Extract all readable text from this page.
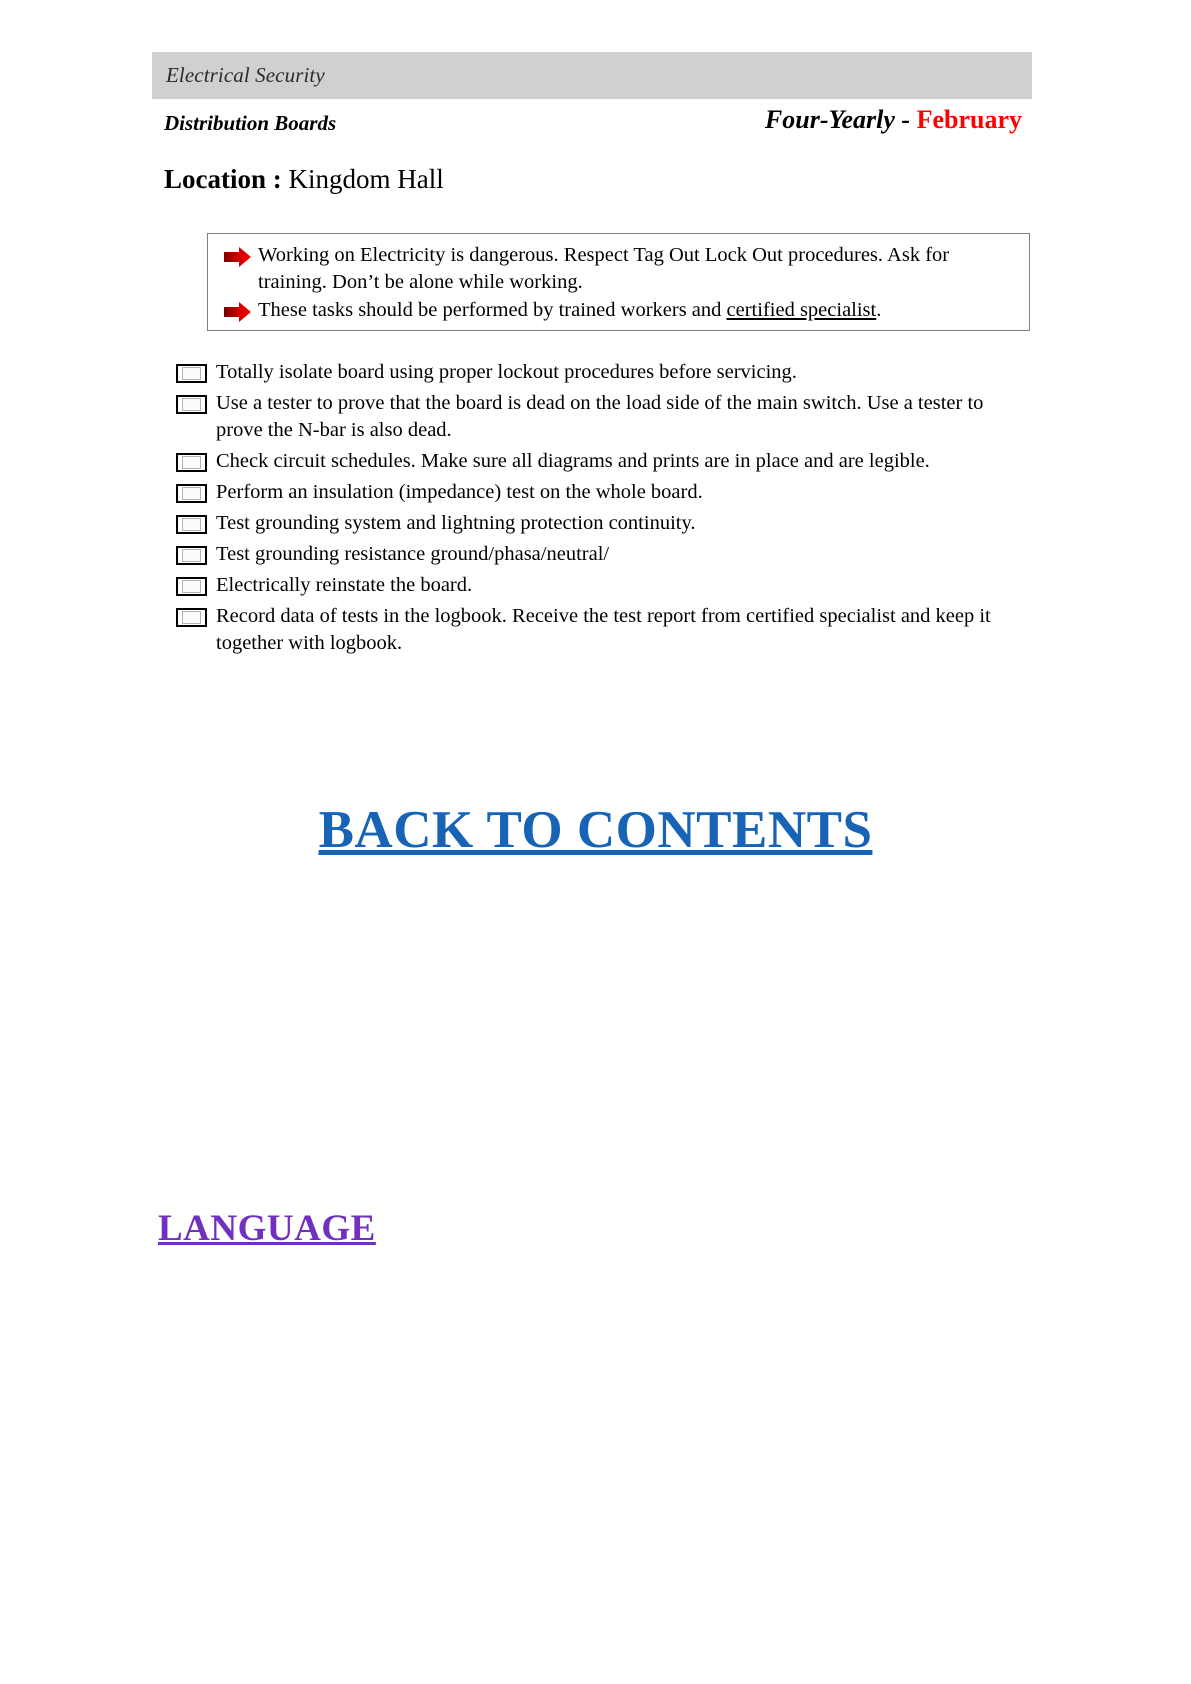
Electrical Security
Distribution Boards	Four-Yearly - February
Location : Kingdom Hall
Working on Electricity is dangerous. Respect Tag Out Lock Out procedures. Ask for training. Don’t be alone while working.
These tasks should be performed by trained workers and certified specialist.
Totally isolate board using proper lockout procedures before servicing.
Use a tester to prove that the board is dead on the load side of the main switch. Use a tester to prove the N-bar is also dead.
Check circuit schedules. Make sure all diagrams and prints are in place and are legible.
Perform an insulation (impedance) test on the whole board.
Test grounding system and lightning protection continuity.
Test grounding resistance ground/phasa/neutral/
Electrically reinstate the board.
Record data of tests in the logbook. Receive the test report from certified specialist and keep it together with logbook.
BACK TO CONTENTS
LANGUAGE
